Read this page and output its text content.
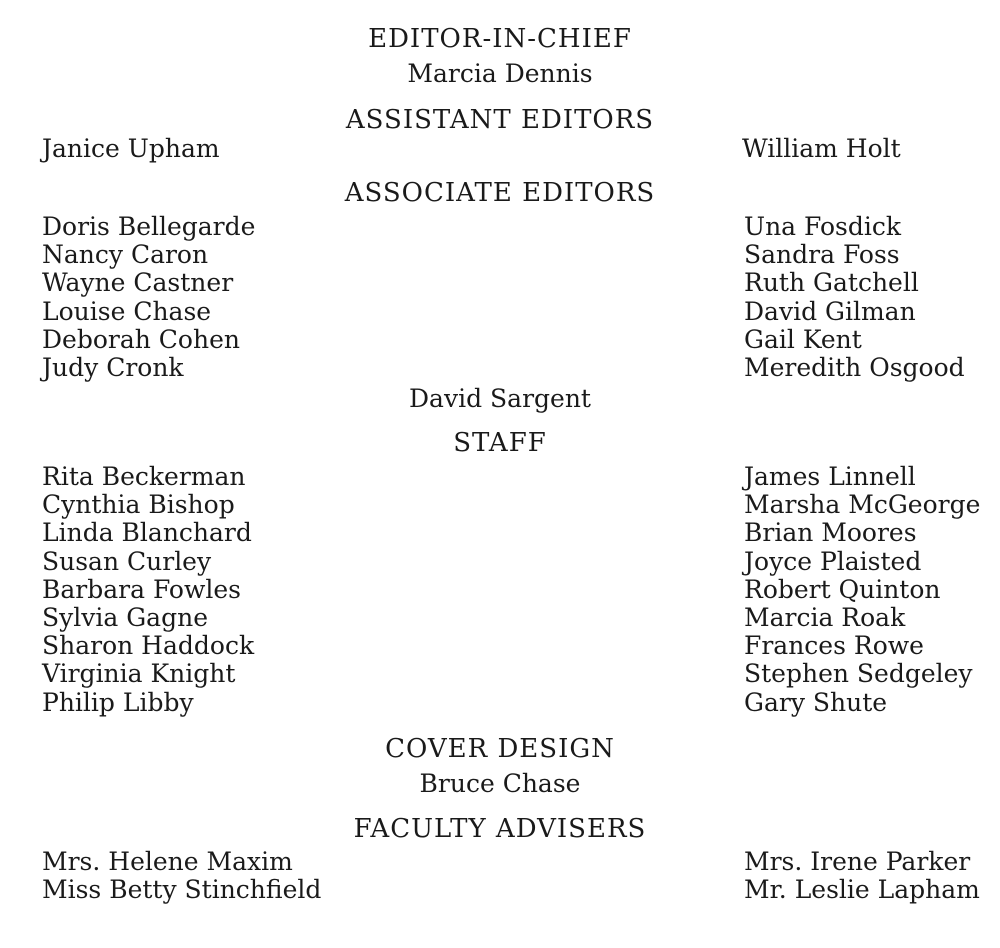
EDITOR-IN-CHIEF
Marcia Dennis
ASSISTANT EDITORS
Janice Upham	William Holt
ASSOCIATE EDITORS
Doris Bellegarde
Nancy Caron
Wayne Castner
Louise Chase
Deborah Cohen
Judy Cronk
Una Fosdick
Sandra Foss
Ruth Gatchell
David Gilman
Gail Kent
Meredith Osgood
David Sargent
STAFF
Rita Beckerman
Cynthia Bishop
Linda Blanchard
Susan Curley
Barbara Fowles
Sylvia Gagne
Sharon Haddock
Virginia Knight
Philip Libby
James Linnell
Marsha McGeorge
Brian Moores
Joyce Plaisted
Robert Quinton
Marcia Roak
Frances Rowe
Stephen Sedgeley
Gary Shute
COVER DESIGN
Bruce Chase
FACULTY ADVISERS
Mrs. Helene Maxim
Miss Betty Stinchfield
Mrs. Irene Parker
Mr. Leslie Lapham
